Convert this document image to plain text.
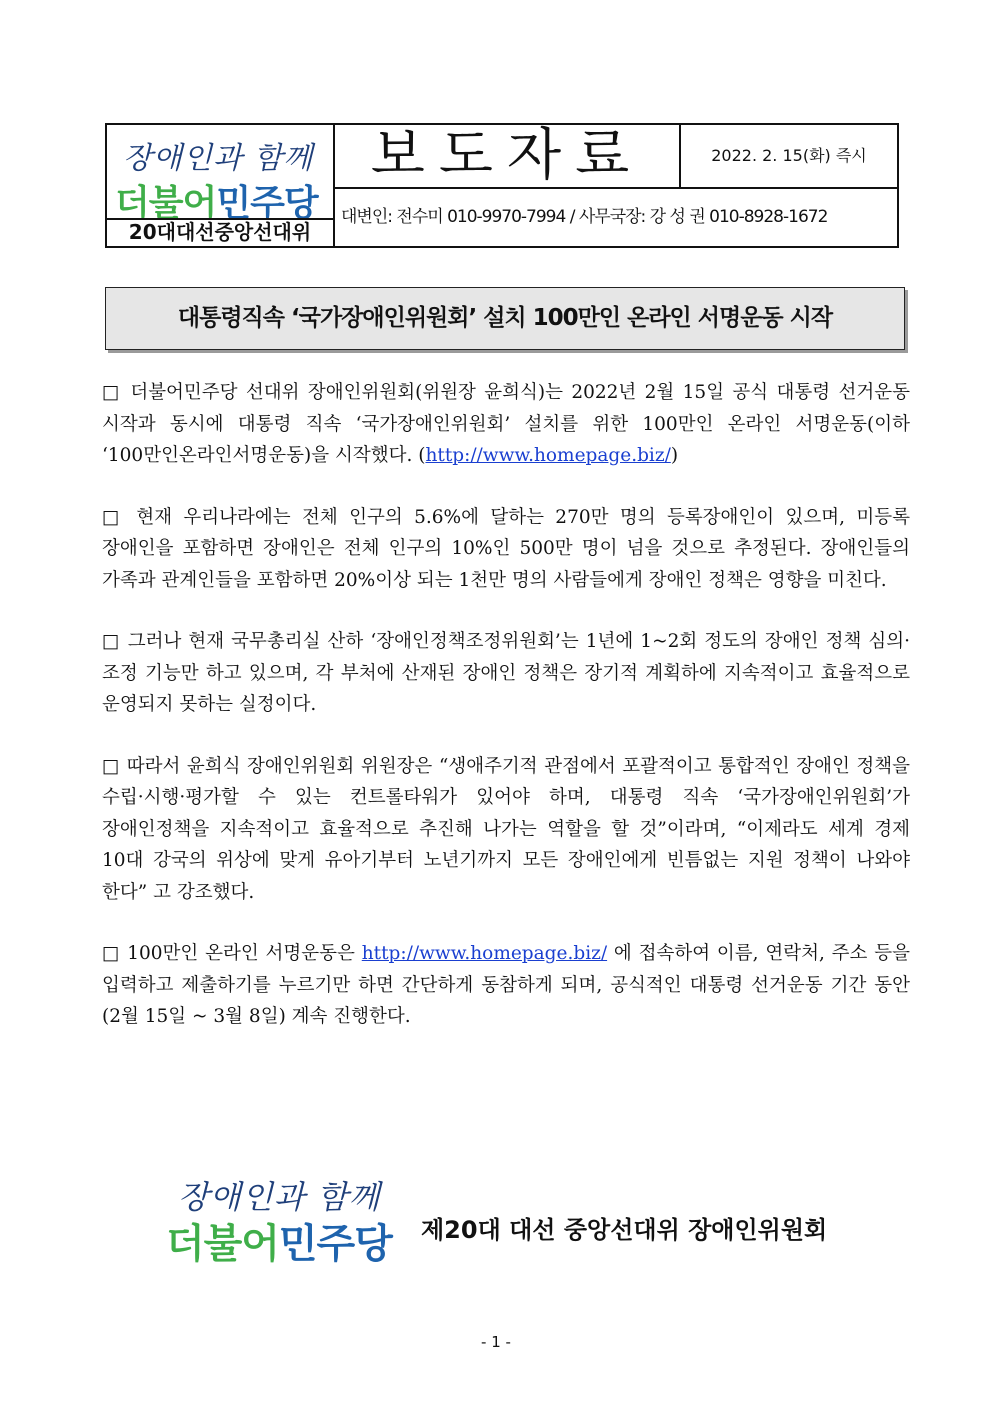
장애인과 함께
더불어민주당
20대대선중앙선대위
보도자료	2022. 2. 15(화) 즉시
대변인: 전수미 010-9970-7994 / 사무국장: 강 성 권 010-8928-1672
대통령직속 ‘국가장애인위원회’ 설치 100만인 온라인 서명운동 시작

□ 더불어민주당 선대위 장애인위원회(위원장 윤희식)는 2022년 2월 15일 공식 대통령 선거운동 시작과 동시에 대통령 직속 ‘국가장애인위원회’ 설치를 위한 100만인 온라인 서명운동(이하 ‘100만인온라인서명운동)을 시작했다. (http://www.homepage.biz/)

□ 현재 우리나라에는 전체 인구의 5.6%에 달하는 270만 명의 등록장애인이 있으며, 미등록 장애인을 포함하면 장애인은 전체 인구의 10%인 500만 명이 넘을 것으로 추정된다. 장애인들의 가족과 관계인들을 포함하면 20%이상 되는 1천만 명의 사람들에게 장애인 정책은 영향을 미친다.

□ 그러나 현재 국무총리실 산하 ‘장애인정책조정위원회’는 1년에 1~2회 정도의 장애인 정책 심의·조정 기능만 하고 있으며, 각 부처에 산재된 장애인 정책은 장기적 계획하에 지속적이고 효율적으로 운영되지 못하는 실정이다.

□ 따라서 윤희식 장애인위원회 위원장은 “생애주기적 관점에서 포괄적이고 통합적인 장애인 정책을 수립·시행·평가할 수 있는 컨트롤타워가 있어야 하며, 대통령 직속 ‘국가장애인위원회’가 장애인정책을 지속적이고 효율적으로 추진해 나가는 역할을 할 것”이라며, “이제라도 세계 경제 10대 강국의 위상에 맞게 유아기부터 노년기까지 모든 장애인에게 빈틈없는 지원 정책이 나와야 한다” 고 강조했다.

□ 100만인 온라인 서명운동은 http://www.homepage.biz/ 에 접속하여 이름, 연락처, 주소 등을 입력하고 제출하기를 누르기만 하면 간단하게 동참하게 되며, 공식적인 대통령 선거운동 기간 동안(2월 15일 ~ 3월 8일) 계속 진행한다.

장애인과 함께
더불어민주당 제20대 대선 중앙선대위 장애인위원회
- 1 -
